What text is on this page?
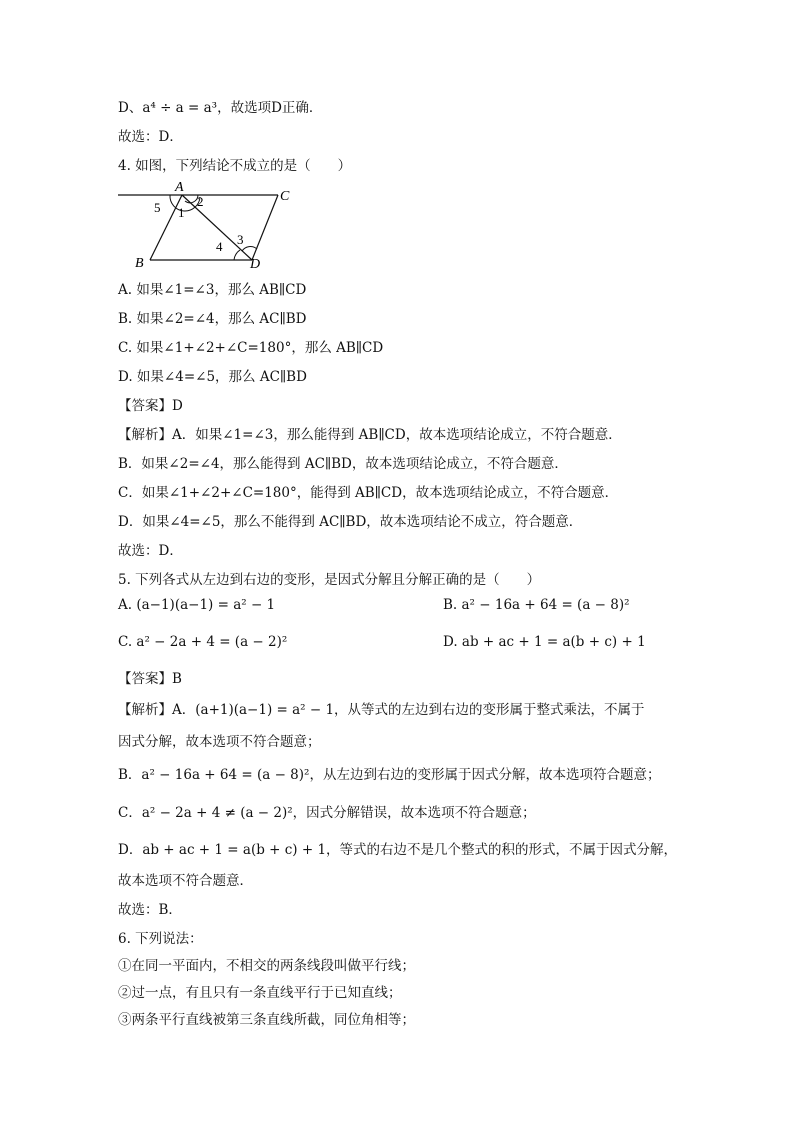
D、a⁴ ÷ a = a³，故选项D正确．
故选：D．
4. 如图，下列结论不成立的是（　　）
A
C
B	D
1
2
3
4
5
A. 如果∠1=∠3，那么 AB∥CD
B. 如果∠2=∠4，那么 AC∥BD
C. 如果∠1+∠2+∠C=180°，那么 AB∥CD
D. 如果∠4=∠5，那么 AC∥BD
【答案】D
【解析】A．如果∠1=∠3，那么能得到 AB∥CD，故本选项结论成立，不符合题意．
B．如果∠2=∠4，那么能得到 AC∥BD，故本选项结论成立，不符合题意．
C．如果∠1+∠2+∠C=180°，能得到 AB∥CD，故本选项结论成立，不符合题意．
D．如果∠4=∠5，那么不能得到 AC∥BD，故本选项结论不成立，符合题意．
故选：D．
5. 下列各式从左边到右边的变形，是因式分解且分解正确的是（　　）
A. (a−1)(a−1) = a² − 1	B. a² − 16a + 64 = (a − 8)²
C. a² − 2a + 4 = (a − 2)²	D. ab + ac + 1 = a(b + c) + 1
【答案】B
【解析】A．(a+1)(a−1) = a² − 1，从等式的左边到右边的变形属于整式乘法，不属于
因式分解，故本选项不符合题意；
B．a² − 16a + 64 = (a − 8)²，从左边到右边的变形属于因式分解，故本选项符合题意；
C．a² − 2a + 4 ≠ (a − 2)²，因式分解错误，故本选项不符合题意；
D．ab + ac + 1 = a(b + c) + 1，等式的右边不是几个整式的积的形式，不属于因式分解，
故本选项不符合题意．
故选：B．
6. 下列说法：
①在同一平面内，不相交的两条线段叫做平行线；
②过一点，有且只有一条直线平行于已知直线；
③两条平行直线被第三条直线所截，同位角相等；
